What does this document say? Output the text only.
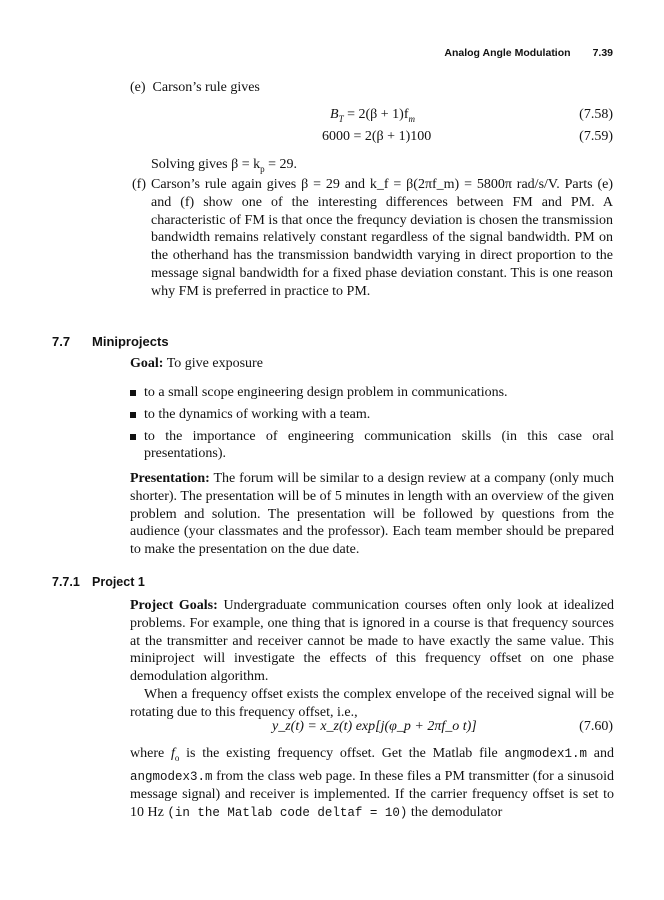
Analog Angle Modulation 7.39
(e) Carson’s rule gives
$B_T = 2(\beta + 1)f_m$	(7.58)
6000 = 2(β + 1)100	(7.59)
Solving gives $\beta = k_p = 29$.
(f) Carson’s rule again gives β = 29 and k_f = β(2πf_m) = 5800π rad/s/V. Parts (e) and (f) show one of the interesting differences between FM and PM. A characteristic of FM is that once the frequncy deviation is chosen the transmission bandwidth remains relatively constant regardless of the signal bandwidth. PM on the otherhand has the transmission bandwidth varying in direct proportion to the message signal bandwidth for a fixed phase deviation constant. This is one reason why FM is preferred in practice to PM.
7.7 Miniprojects
Goal: To give exposure
to a small scope engineering design problem in communications.
to the dynamics of working with a team.
to the importance of engineering communication skills (in this case oral presentations).
Presentation: The forum will be similar to a design review at a company (only much shorter). The presentation will be of 5 minutes in length with an overview of the given problem and solution. The presentation will be followed by questions from the audience (your classmates and the professor). Each team member should be prepared to make the presentation on the due date.
7.7.1 Project 1
Project Goals: Undergraduate communication courses often only look at idealized problems. For example, one thing that is ignored in a course is that frequency sources at the transmitter and receiver cannot be made to have exactly the same value. This miniproject will investigate the effects of this frequency offset on one phase demodulation algorithm.
When a frequency offset exists the complex envelope of the received signal will be rotating due to this frequency offset, i.e.,
y_z(t) = x_z(t) exp[j(φ_p + 2πf_o t)]	(7.60)
where $f_o$ is the existing frequency offset. Get the Matlab file angmodex1.m and angmodex3.m from the class web page. In these files a PM transmitter (for a sinusoid message signal) and receiver is implemented. If the carrier frequency offset is set to 10 Hz (in the Matlab code deltaf = 10) the demodulator
